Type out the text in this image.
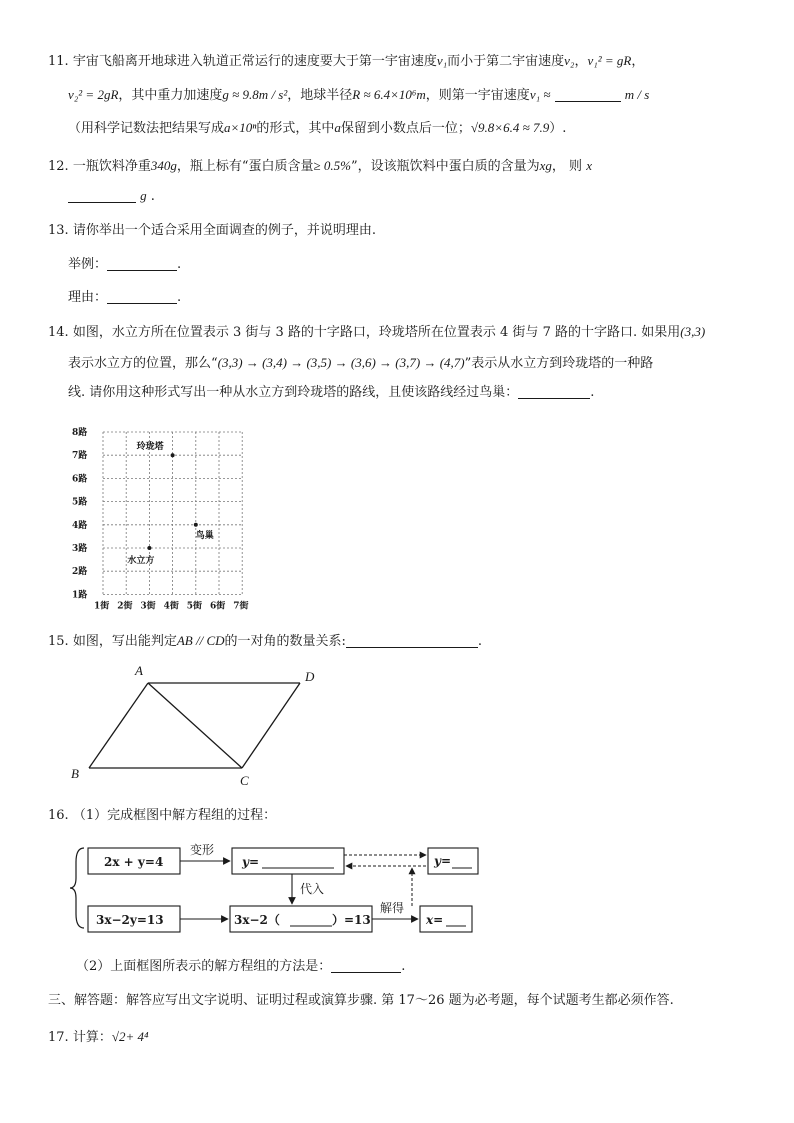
11. 宇宙飞船离开地球进入轨道正常运行的速度要大于第一宇宙速度v₁而小于第二宇宙速度v₂，v₁² = gR，
v₂² = 2gR，其中重力加速度g ≈ 9.8m / s²，地球半径R ≈ 6.4×10⁶m，则第一宇宙速度v₁ ≈	m / s
（用科学记数法把结果写成a×10ⁿ的形式，其中a保留到小数点后一位；√9.8×6.4 ≈ 7.9）.
12. 一瓶饮料净重340g，瓶上标有“蛋白质含量≥ 0.5%”，设该瓶饮料中蛋白质的含量为xg， 则 x
g .
13. 请你举出一个适合采用全面调查的例子，并说明理由.
举例：	.
理由：	.
14. 如图，水立方所在位置表示 3 街与 3 路的十字路口，玲珑塔所在位置表示 4 街与 7 路的十字路口. 如果用(3,3)
表示水立方的位置，那么“(3,3) → (3,4) → (3,5) → (3,6) → (3,7) → (4,7)”表示从水立方到玲珑塔的一种路
线. 请你用这种形式写出一种从水立方到玲珑塔的路线，且使该路线经过鸟巢：	.
8路
7路
6路
5路
4路
3路
2路
1路
1街 2街 3街 4街 5街 6街 7街
玲珑塔
鸟巢
水立方
15. 如图，写出能判定AB // CD的一对角的数量关系:	.
A	D
B	C
16. （1）完成框图中解方程组的过程：
2x + y=4
变形
y=	y=
代入
3x−2y=13	3x−2（	）=13
解得
x=
（2）上面框图所表示的解方程组的方法是：	.
三、解答题：解答应写出文字说明、证明过程或演算步骤. 第 17～26 题为必考题，每个试题考生都必须作答.
17. 计算：√2+ 4⁴
